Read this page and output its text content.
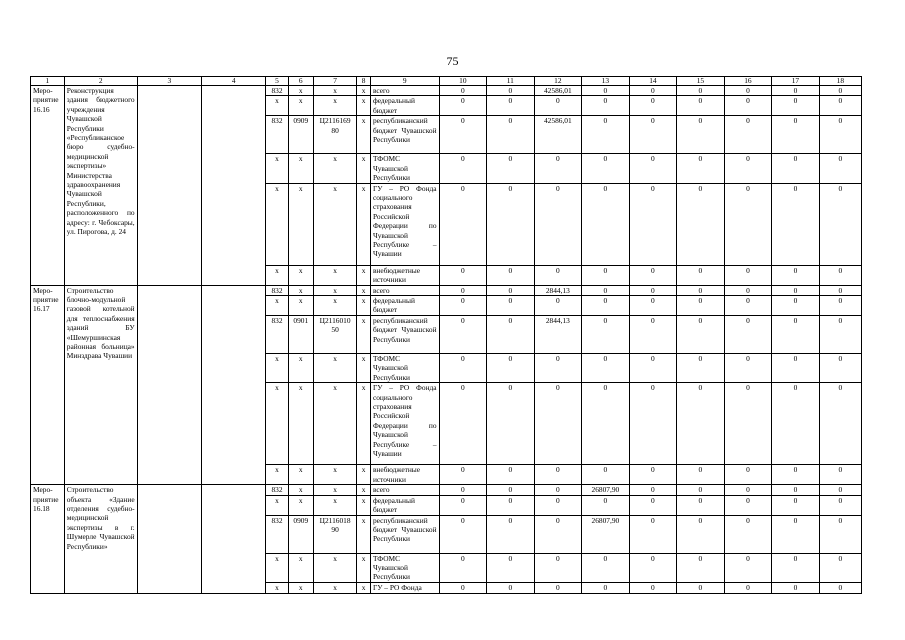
75
1	2	3	4	5	6	7	8	9	10	11	12	13	14	15	16	17	18
Меро-приятие 16.16	Реконструкция здания бюджетного учреждения Чувашской Республики «Республиканское бюро судебно-медицинской экспертизы» Министерства здравоохранения Чувашской Республики, расположенного по адресу: г. Чебоксары, ул. Пирогова, д. 24			832	x	x	x	всего	0	0	42586,01	0	0	0	0	0	0
				x	x	x	x	федеральный бюджет	0	0	0	0	0	0	0	0	0
				832	0909	Ц2116169 80	x	республиканский бюджет Чувашской Республики	0	0	42586,01	0	0	0	0	0	0
				x	x	x	x	ТФОМС Чувашской Республики	0	0	0	0	0	0	0	0	0
				x	x	x	x	ГУ – РО Фонда социального страхования Российской Федерации по Чувашской Республике – Чувашии	0	0	0	0	0	0	0	0	0
				x	x	x	x	внебюджетные источники	0	0	0	0	0	0	0	0	0
Меро-приятие 16.17	Строительство блочно-модульной газовой котельной для теплоснабжения зданий БУ «Шемуршинская районная больница» Минздрава Чувашии			832	x	x	x	всего	0	0	2844,13	0	0	0	0	0	0
				x	x	x	x	федеральный бюджет	0	0	0	0	0	0	0	0	0
				832	0901	Ц2116010 50	x	республиканский бюджет Чувашской Республики	0	0	2844,13	0	0	0	0	0	0
				x	x	x	x	ТФОМС Чувашской Республики	0	0	0	0	0	0	0	0	0
				x	x	x	x	ГУ – РО Фонда социального страхования Российской Федерации по Чувашской Республике – Чувашии	0	0	0	0	0	0	0	0	0
				x	x	x	x	внебюджетные источники	0	0	0	0	0	0	0	0	0
Меро-приятие 16.18	Строительство объекта «Здание отделения судебно-медицинской экспертизы в г. Шумерле Чувашской Республики»			832	x	x	x	всего	0	0	0	26807,90	0	0	0	0	0
				x	x	x	x	федеральный бюджет	0	0	0	0	0	0	0	0	0
				832	0909	Ц2116018 90	x	республиканский бюджет Чувашской Республики	0	0	0	26807,90	0	0	0	0	0
				x	x	x	x	ТФОМС Чувашской Республики	0	0	0	0	0	0	0	0	0
				x	x	x	x	ГУ – РО Фонда	0	0	0	0	0	0	0	0	0
